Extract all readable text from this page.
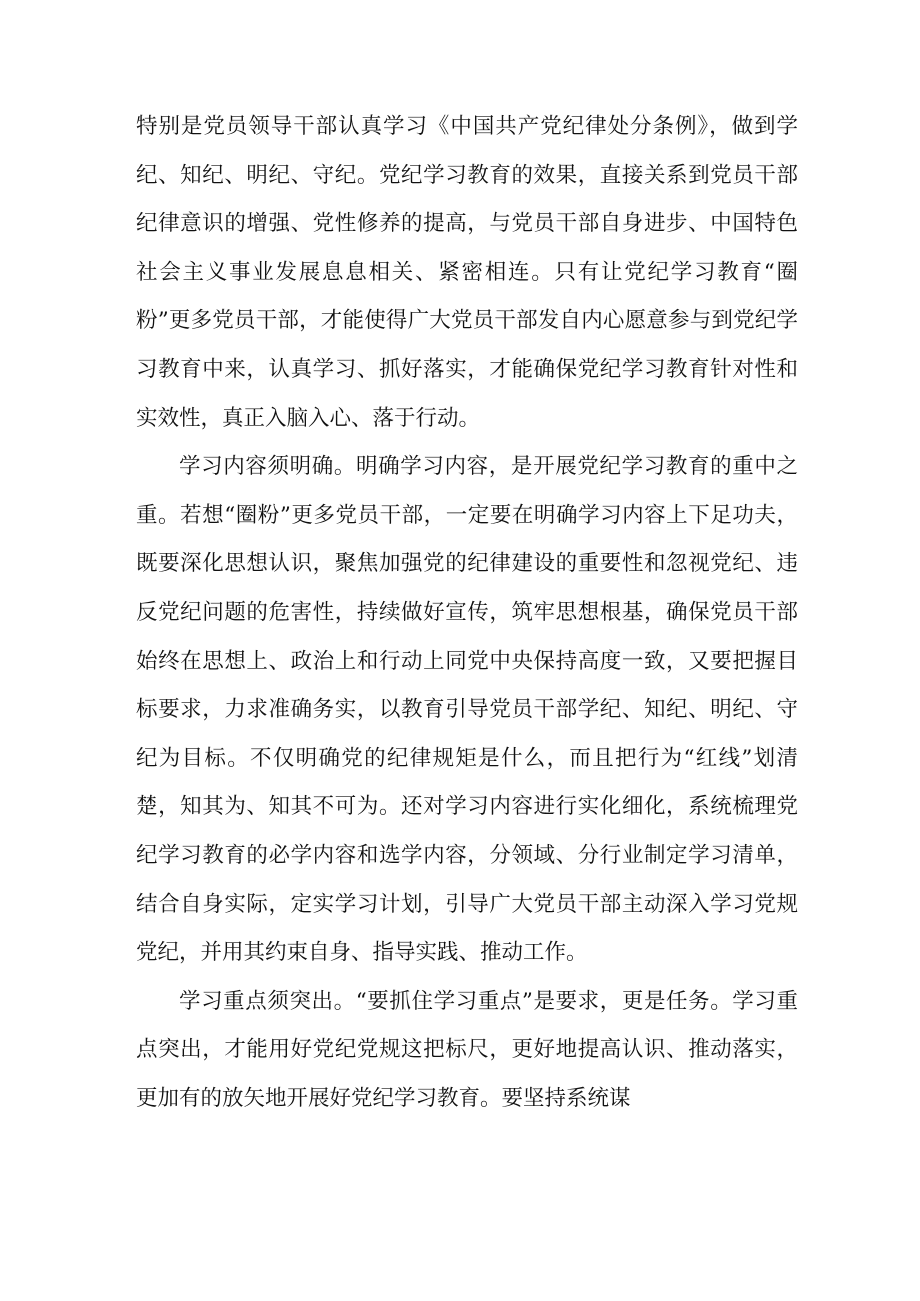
特别是党员领导干部认真学习《中国共产党纪律处分条例》，做到学纪、知纪、明纪、守纪。党纪学习教育的效果，直接关系到党员干部纪律意识的增强、党性修养的提高，与党员干部自身进步、中国特色社会主义事业发展息息相关、紧密相连。只有让党纪学习教育“圈粉”更多党员干部，才能使得广大党员干部发自内心愿意参与到党纪学习教育中来，认真学习、抓好落实，才能确保党纪学习教育针对性和实效性，真正入脑入心、落于行动。

学习内容须明确。明确学习内容，是开展党纪学习教育的重中之重。若想“圈粉”更多党员干部，一定要在明确学习内容上下足功夫，既要深化思想认识，聚焦加强党的纪律建设的重要性和忽视党纪、违反党纪问题的危害性，持续做好宣传，筑牢思想根基，确保党员干部始终在思想上、政治上和行动上同党中央保持高度一致，又要把握目标要求，力求准确务实，以教育引导党员干部学纪、知纪、明纪、守纪为目标。不仅明确党的纪律规矩是什么，而且把行为“红线”划清楚，知其为、知其不可为。还对学习内容进行实化细化，系统梳理党纪学习教育的必学内容和选学内容，分领域、分行业制定学习清单，结合自身实际，定实学习计划，引导广大党员干部主动深入学习党规党纪，并用其约束自身、指导实践、推动工作。

学习重点须突出。“要抓住学习重点”是要求，更是任务。学习重点突出，才能用好党纪党规这把标尺，更好地提高认识、推动落实，更加有的放矢地开展好党纪学习教育。要坚持系统谋
